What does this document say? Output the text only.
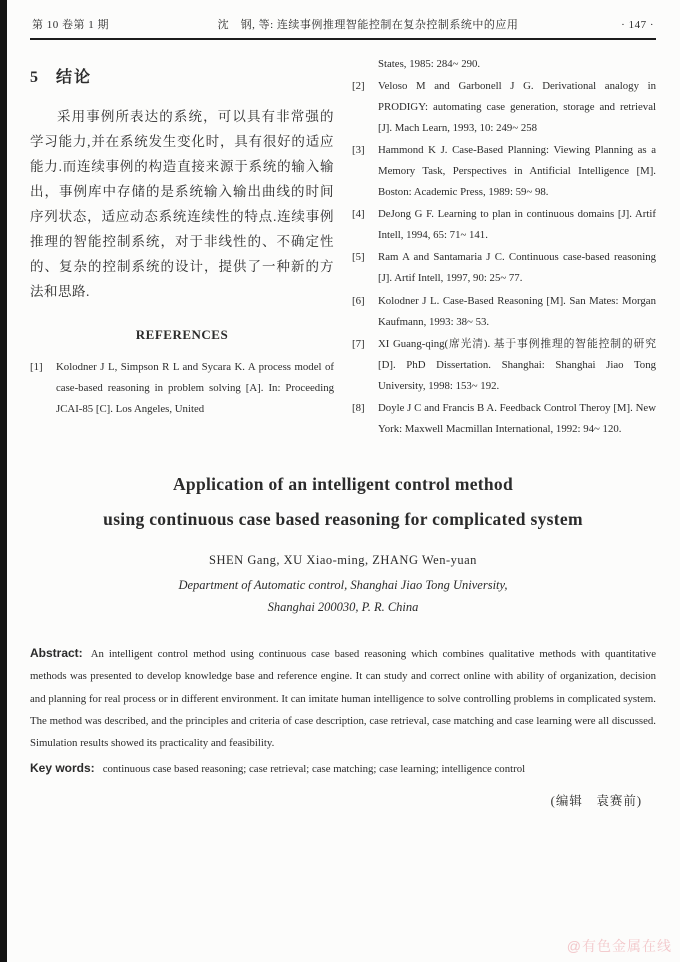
第 10 卷第 1 期	沈　钢, 等: 连续事例推理智能控制在复杂控制系统中的应用	· 147 ·
5 结论

采用事例所表达的系统，可以具有非常强的学习能力,并在系统发生变化时，具有很好的适应能力.而连续事例的构造直接来源于系统的输入输出，事例库中存储的是系统输入输出曲线的时间序列状态，适应动态系统连续性的特点.连续事例推理的智能控制系统，对于非线性的、不确定性的、复杂的控制系统的设计，提供了一种新的方法和思路.

REFERENCES
[1]	Kolodner J L, Simpson R L and Sycara K. A process model of case-based reasoning in problem solving [A]. In: Proceeding JCAI-85 [C]. Los Angeles, United
States, 1985: 284~ 290.
[2]	Veloso M and Garbonell J G. Derivational analogy in PRODIGY: automating case generation, storage and retrieval [J]. Mach Learn, 1993, 10: 249~ 258
[3]	Hammond K J. Case-Based Planning: Viewing Planning as a Memory Task, Perspectives in Antificial Intelligence [M]. Boston: Academic Press, 1989: 59~ 98.
[4]	DeJong G F. Learning to plan in continuous domains [J]. Artif Intell, 1994, 65: 71~ 141.
[5]	Ram A and Santamaria J C. Continuous case-based reasoning [J]. Artif Intell, 1997, 90: 25~ 77.
[6]	Kolodner J L. Case-Based Reasoning [M]. San Mates: Morgan Kaufmann, 1993: 38~ 53.
[7]	XI Guang-qing(席光清). 基于事例推理的智能控制的研究[D]. PhD Dissertation. Shanghai: Shanghai Jiao Tong University, 1998: 153~ 192.
[8]	Doyle J C and Francis B A. Feedback Control Theroy [M]. New York: Maxwell Macmillan International, 1992: 94~ 120.
Application of an intelligent control method
using continuous case based reasoning for complicated system
SHEN Gang, XU Xiao-ming, ZHANG Wen-yuan
Department of Automatic control, Shanghai Jiao Tong University,
Shanghai 200030, P. R. China

Abstract: An intelligent control method using continuous case based reasoning which combines qualitative methods with quantitative methods was presented to develop knowledge base and reference engine. It can study and correct online with ability of organization, decision and planning for real process or in different environment. It can imitate human intelligence to solve controlling problems in complicated system. The method was described, and the principles and criteria of case description, case retrieval, case matching and case learning were all discussed. Simulation results showed its practicality and feasibility.

Key words: continuous case based reasoning; case retrieval; case matching; case learning; intelligence control

(编辑　袁赛前)
@有色金属在线
